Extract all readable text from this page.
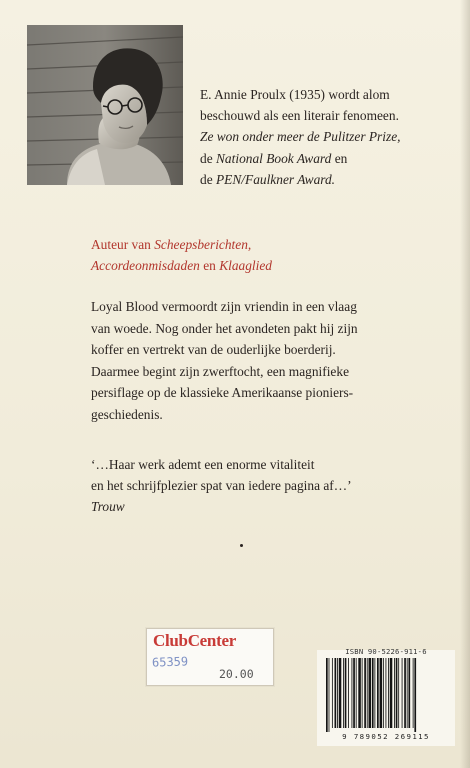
E. Annie Proulx (1935) wordt alom
beschouwd als een literair fenomeen.
Ze won onder meer de Pulitzer Prize,
de National Book Award en
de PEN/Faulkner Award.
Auteur van Scheepsberichten,
Accordeonmisdaden en Klaaglied
Loyal Blood vermoordt zijn vriendin in een vlaag
van woede. Nog onder het avondeten pakt hij zijn
koffer en vertrekt van de ouderlijke boerderij.
Daarmee begint zijn zwerftocht, een magnifieke
persiflage op de klassieke Amerikaanse pioniers-
geschiedenis.
‘…Haar werk ademt een enorme vitaliteit
en het schrijfplezier spat van iedere pagina af…’
Trouw
ClubCenter
65359
20.00
ISBN 90-5226-911-6
9 789052 269115
